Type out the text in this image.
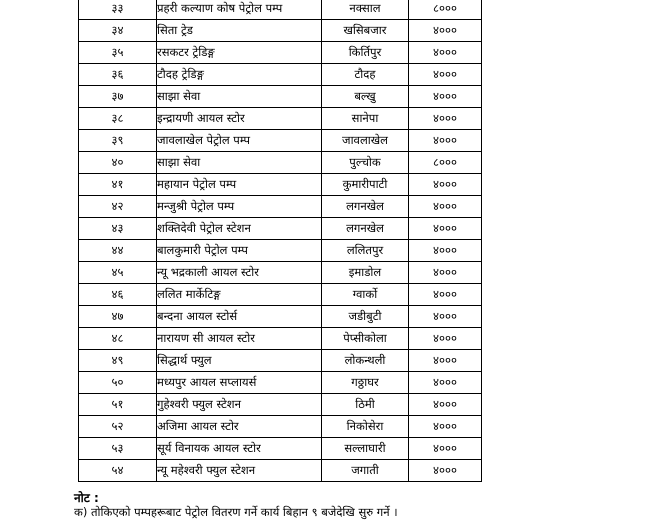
३३	प्रहरी कल्याण कोष पेट्रोल पम्प	नक्साल	८०००
३४	सिता ट्रेड	खसिबजार	४०००
३५	रसकटर ट्रेडिङ्ग	किर्तिपुर	४०००
३६	टौदह ट्रेडिङ्ग	टौदह	४०००
३७	साझा सेवा	बल्खु	४०००
३८	इन्द्रायणी आयल स्टोर	सानेपा	४०००
३९	जावलाखेल पेट्रोल पम्प	जावलाखेल	४०००
४०	साझा सेवा	पुल्चोक	८०००
४१	महायान पेट्रोल पम्प	कुमारीपाटी	४०००
४२	मन्जुश्री पेट्रोल पम्प	लगनखेल	४०००
४३	शक्तिदेवी पेट्रोल स्टेशन	लगनखेल	४०००
४४	बालकुमारी पेट्रोल पम्प	ललितपुर	४०००
४५	न्यू भद्रकाली आयल स्टोर	इमाडोल	४०००
४६	ललित मार्केटिङ्ग	ग्वार्को	४०००
४७	बन्दना आयल स्टोर्स	जडीबुटी	४०००
४८	नारायण सी आयल स्टोर	पेप्सीकोला	४०००
४९	सिद्धार्थ फ्युल	लोकन्थली	४०००
५०	मध्यपुर आयल सप्लायर्स	गठ्ठाघर	४०००
५१	गुहेश्वरी फ्युल स्टेशन	ठिमी	४०००
५२	अजिमा आयल स्टोर	निकोसेरा	४०००
५३	सूर्य विनायक आयल स्टोर	सल्लाघारी	४०००
५४	न्यू महेश्वरी फ्युल स्टेशन	जगाती	४०००
नोट :
क) तोकिएको पम्पहरूबाट पेट्रोल वितरण गर्ने कार्य बिहान ९ बजेदेखि सुरु गर्ने ।
